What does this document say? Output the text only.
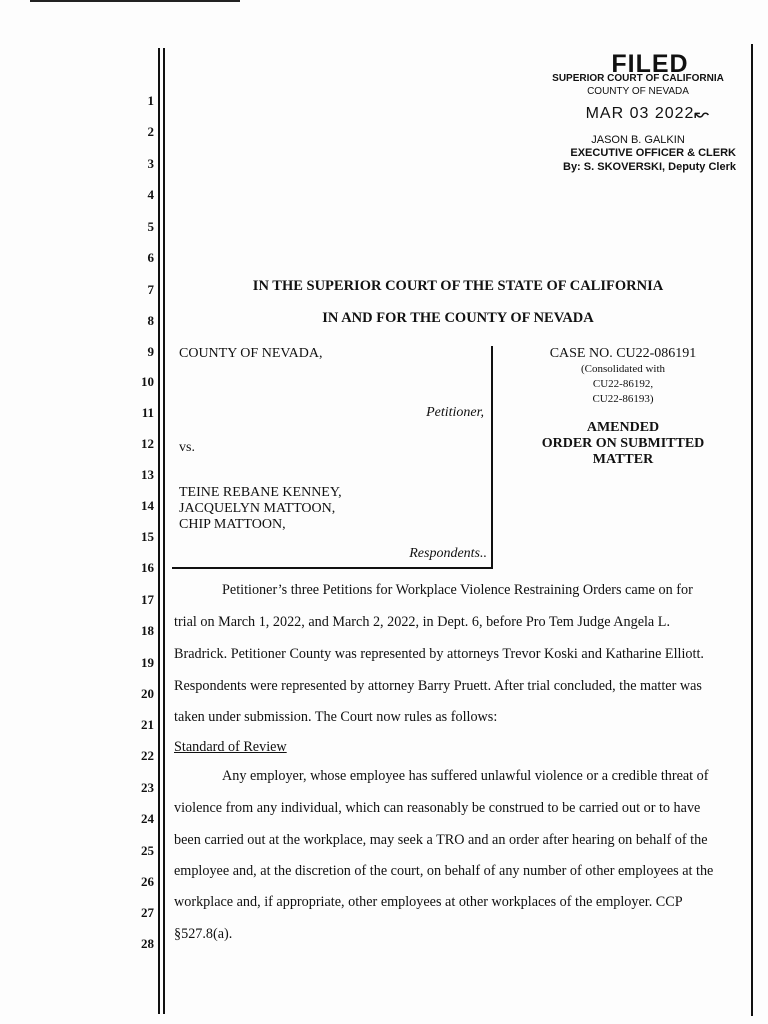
1
2
3
4
5
6
7
8
9
10
11
12
13
14
15
16
17
18
19
20
21
22
23
24
25
26
27
28
FILED
SUPERIOR COURT OF CALIFORNIA
COUNTY OF NEVADA
MAR 03 2022 ↜
JASON B. GALKIN
EXECUTIVE OFFICER & CLERK
By: S. SKOVERSKI, Deputy Clerk
IN THE SUPERIOR COURT OF THE STATE OF CALIFORNIA
IN AND FOR THE COUNTY OF NEVADA
COUNTY OF NEVADA,
Petitioner,
vs.
TEINE REBANE KENNEY,
JACQUELYN MATTOON,
CHIP MATTOON,
Respondents..
CASE NO. CU22-086191
(Consolidated with
CU22-86192,
CU22-86193)
AMENDED
ORDER ON SUBMITTED
MATTER
Petitioner’s three Petitions for Workplace Violence Restraining Orders came on for
trial on March 1, 2022, and March 2, 2022, in Dept. 6, before Pro Tem Judge Angela L.
Bradrick. Petitioner County was represented by attorneys Trevor Koski and Katharine Elliott.
Respondents were represented by attorney Barry Pruett. After trial concluded, the matter was
taken under submission. The Court now rules as follows:
Standard of Review
Any employer, whose employee has suffered unlawful violence or a credible threat of
violence from any individual, which can reasonably be construed to be carried out or to have
been carried out at the workplace, may seek a TRO and an order after hearing on behalf of the
employee and, at the discretion of the court, on behalf of any number of other employees at the
workplace and, if appropriate, other employees at other workplaces of the employer. CCP
§527.8(a).
